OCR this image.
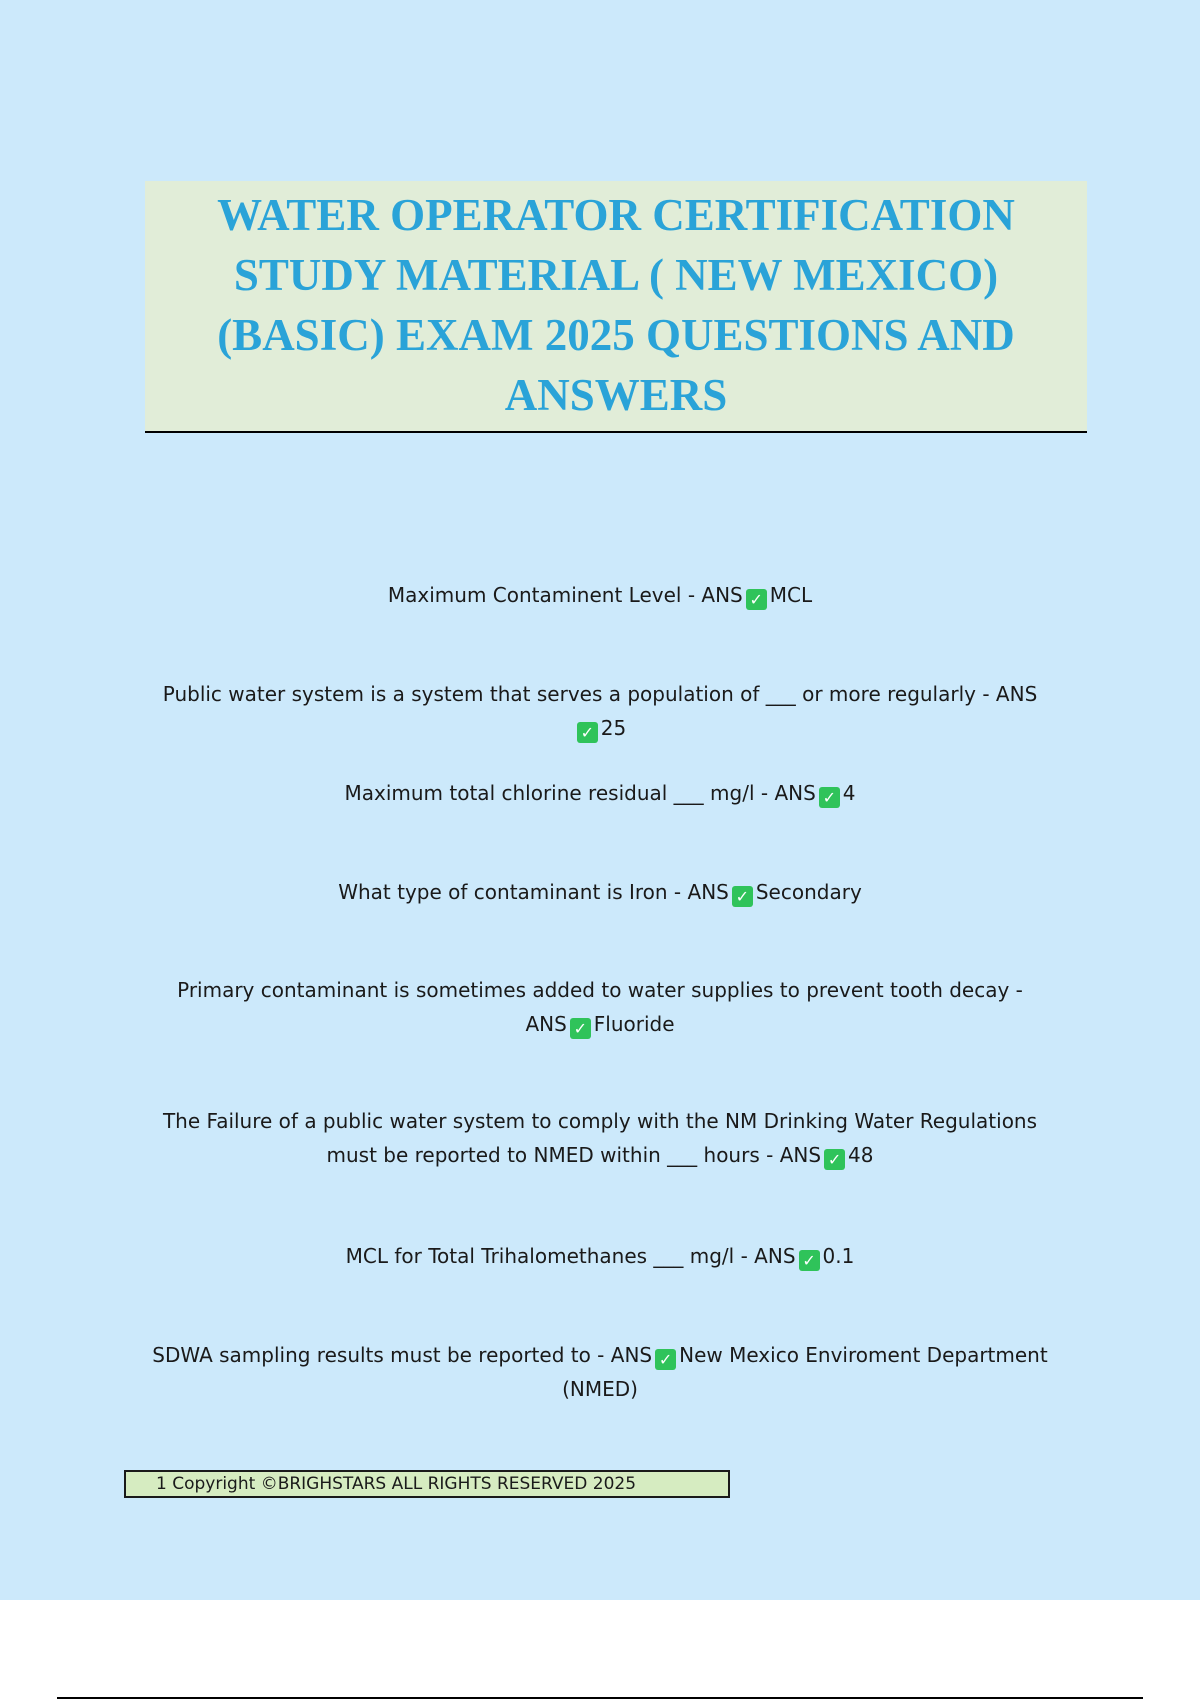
WATER OPERATOR CERTIFICATION STUDY MATERIAL ( NEW MEXICO) (BASIC) EXAM 2025 QUESTIONS AND ANSWERS

Maximum Contaminent Level - ANS ✓ MCL

Public water system is a system that serves a population of ___ or more regularly - ANS✓ 25

Maximum total chlorine residual ___ mg/l - ANS ✓ 4

What type of contaminant is Iron - ANS ✓ Secondary

Primary contaminant is sometimes added to water supplies to prevent tooth decay -
ANS ✓ Fluoride

The Failure of a public water system to comply with the NM Drinking Water Regulations must be reported to NMED within ___ hours - ANS ✓ 48

MCL for Total Trihalomethanes ___ mg/l - ANS ✓ 0.1

SDWA sampling results must be reported to - ANS ✓ New Mexico Enviroment Department (NMED)

1 Copyright ©BRIGHSTARS ALL RIGHTS RESERVED 2025
